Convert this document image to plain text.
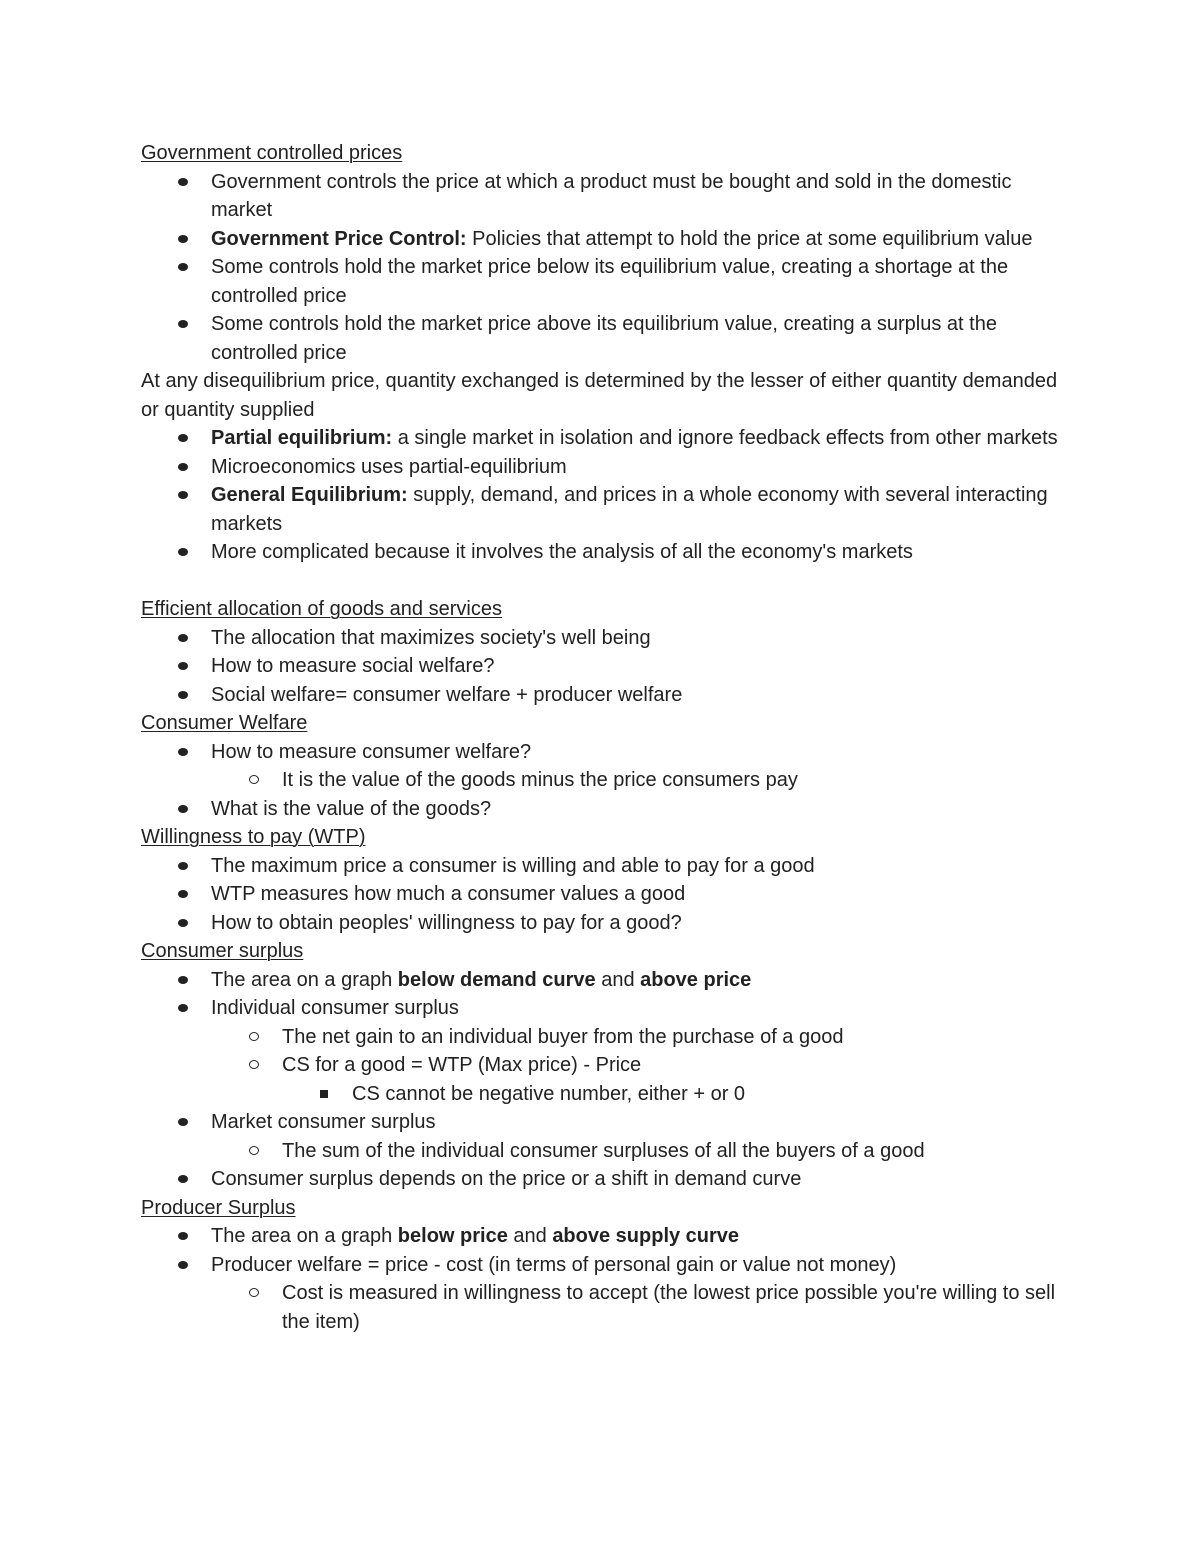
Government controlled prices
Government controls the price at which a product must be bought and sold in the domestic market
Government Price Control: Policies that attempt to hold the price at some equilibrium value
Some controls hold the market price below its equilibrium value, creating a shortage at the controlled price
Some controls hold the market price above its equilibrium value, creating a surplus at the controlled price

At any disequilibrium price, quantity exchanged is determined by the lesser of either quantity demanded or quantity supplied

Partial equilibrium: a single market in isolation and ignore feedback effects from other markets
Microeconomics uses partial-equilibrium
General Equilibrium: supply, demand, and prices in a whole economy with several interacting markets
More complicated because it involves the analysis of all the economy's markets
Efficient allocation of goods and services
The allocation that maximizes society's well being
How to measure social welfare?
Social welfare= consumer welfare + producer welfare
Consumer Welfare
How to measure consumer welfare?
It is the value of the goods minus the price consumers pay
What is the value of the goods?
Willingness to pay (WTP)
The maximum price a consumer is willing and able to pay for a good
WTP measures how much a consumer values a good
How to obtain peoples' willingness to pay for a good?
Consumer surplus
The area on a graph below demand curve and above price
Individual consumer surplus
The net gain to an individual buyer from the purchase of a good
CS for a good = WTP (Max price) - Price
CS cannot be negative number, either + or 0
Market consumer surplus
The sum of the individual consumer surpluses of all the buyers of a good
Consumer surplus depends on the price or a shift in demand curve
Producer Surplus
The area on a graph below price and above supply curve
Producer welfare = price - cost (in terms of personal gain or value not money)
Cost is measured in willingness to accept (the lowest price possible you're willing to sell the item)
